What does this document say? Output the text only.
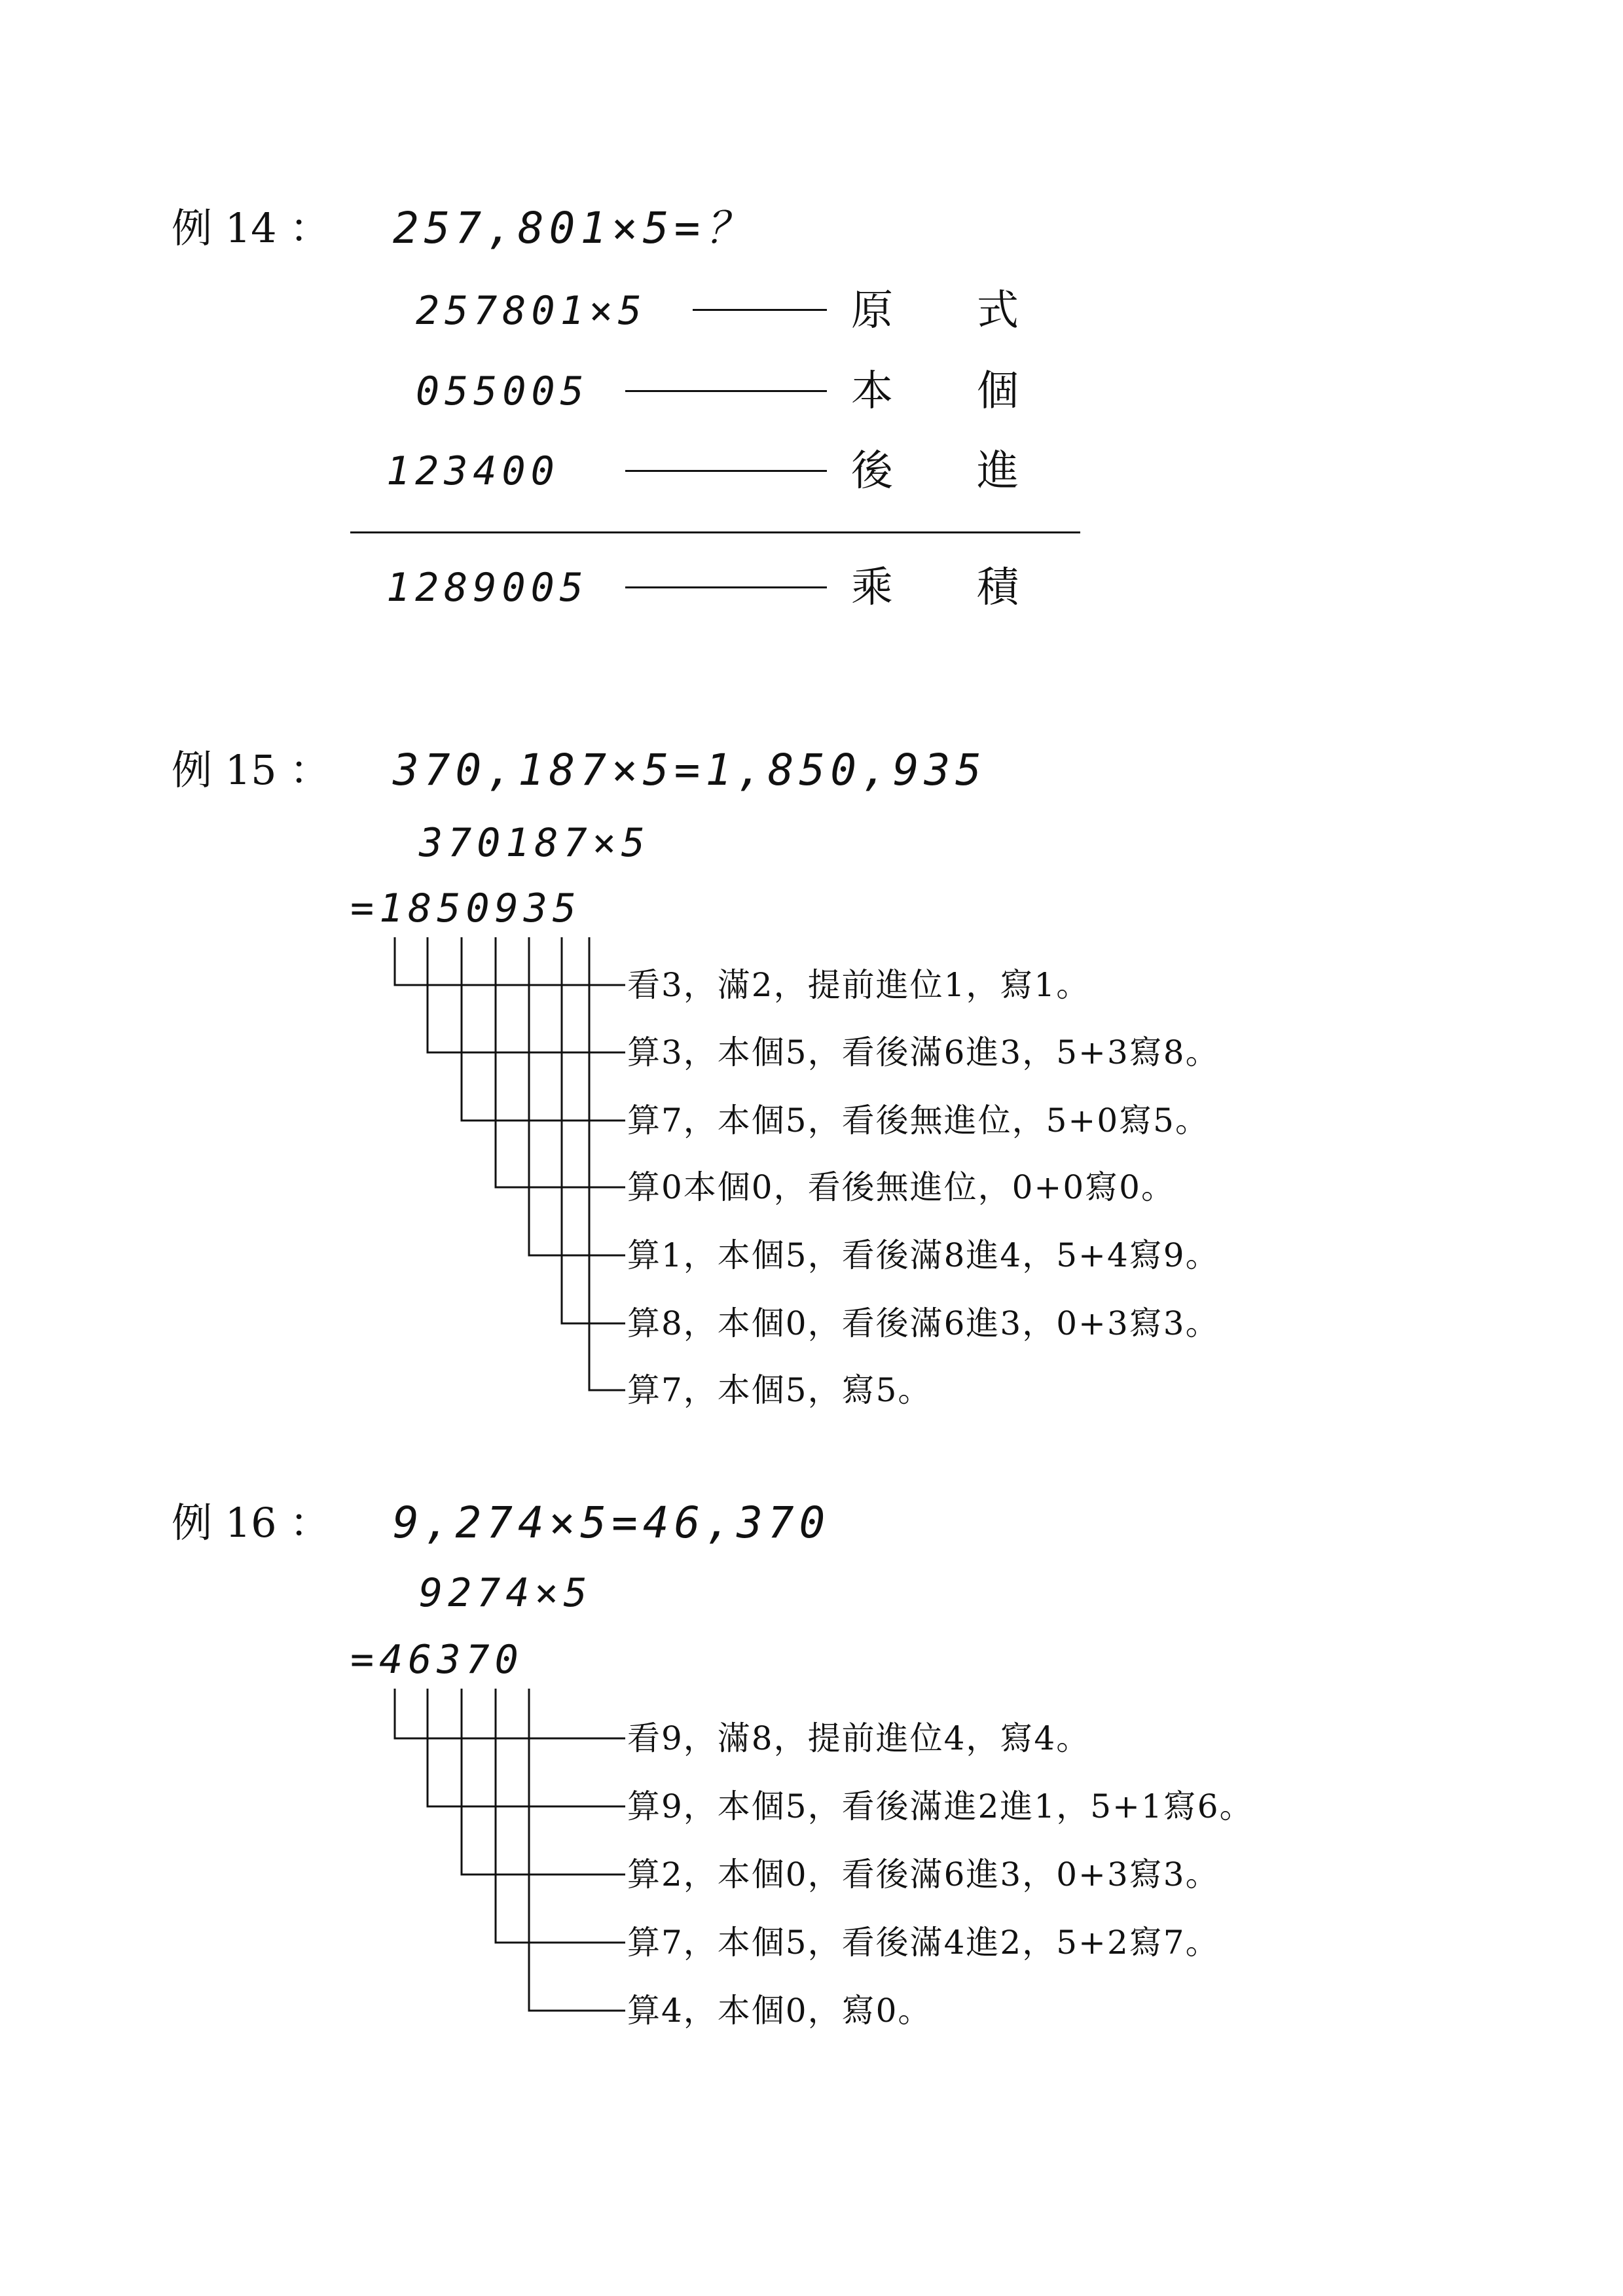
例 14 ： 257,801×5=？
257801×5
055005
123400
1289005
原　　式
本　　個
後　　進
乘　　積
例 15 ： 370,187×5=1,850,935
370187×5
=1850935
看3，滿2，提前進位1，寫1。
算3，本個5，看後滿6進3，5+3寫8。
算7，本個5，看後無進位，5+0寫5。
算0本個0，看後無進位，0+0寫0。
算1，本個5，看後滿8進4，5+4寫9。
算8，本個0，看後滿6進3，0+3寫3。
算7，本個5，寫5。
例 16 ： 9,274×5=46,370
9274×5
=46370
看9，滿8，提前進位4，寫4。
算9，本個5，看後滿進2進1，5+1寫6。
算2，本個0，看後滿6進3，0+3寫3。
算7，本個5，看後滿4進2，5+2寫7。
算4，本個0，寫0。
